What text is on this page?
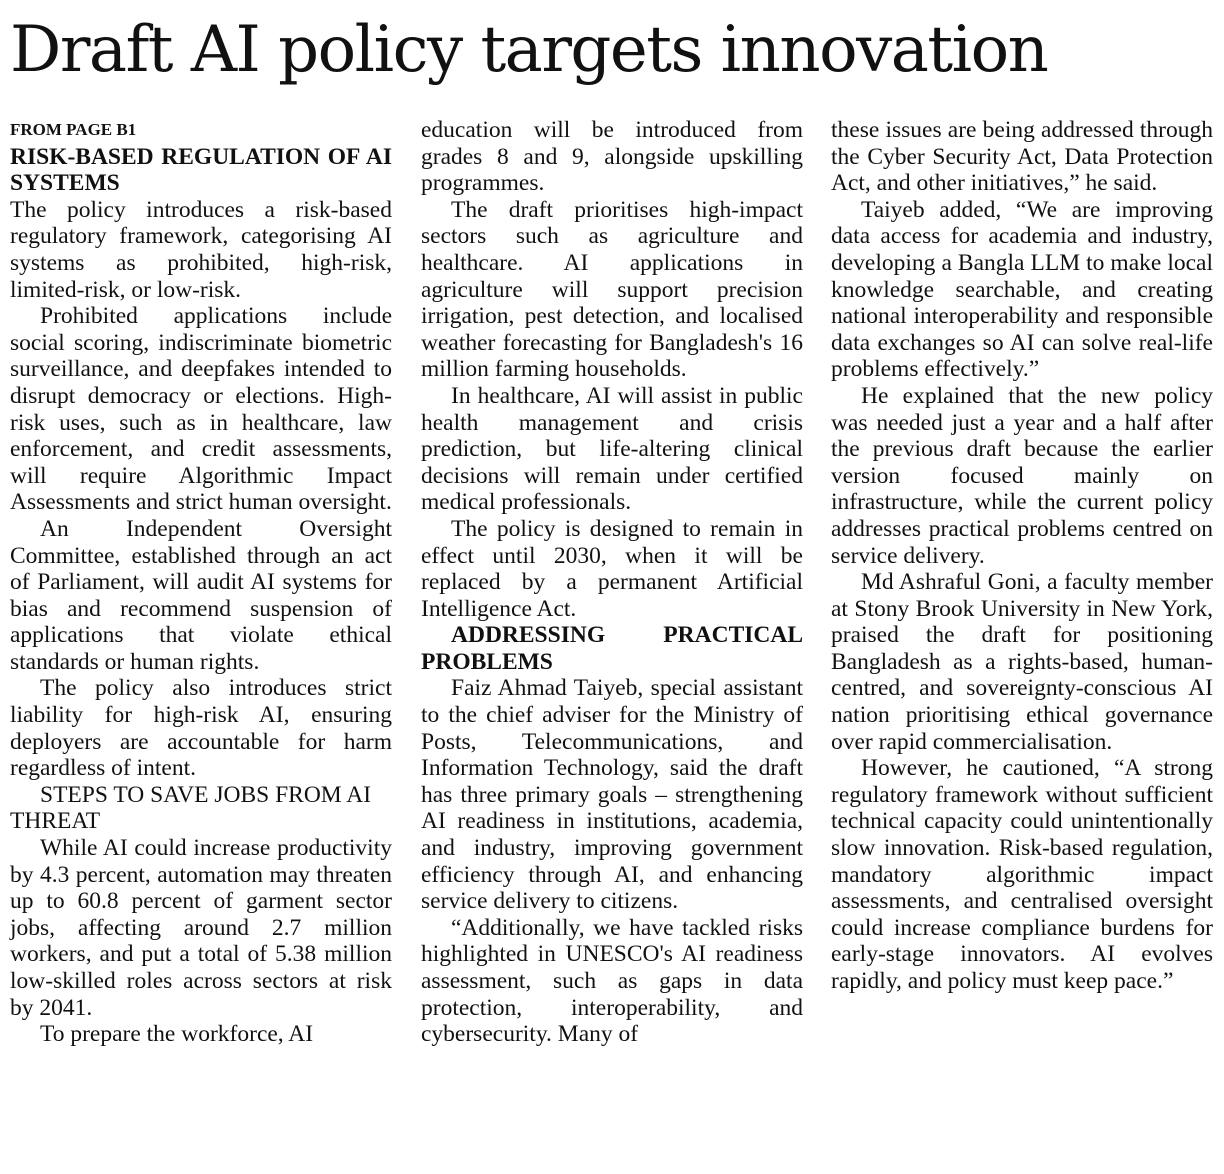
Draft AI policy targets innovation
FROM PAGE B1
RISK-BASED REGULATION OF AI SYSTEMS

The policy introduces a risk-based regulatory framework, categorising AI systems as prohibited, high-risk, limited-risk, or low-risk.

Prohibited applications include social scoring, indiscriminate biometric surveillance, and deepfakes intended to disrupt democracy or elections. High-risk uses, such as in healthcare, law enforcement, and credit assessments, will require Algorithmic Impact Assessments and strict human oversight.

An Independent Oversight Committee, established through an act of Parliament, will audit AI systems for bias and recommend suspension of applications that violate ethical standards or human rights.

The policy also introduces strict liability for high-risk AI, ensuring deployers are accountable for harm regardless of intent.

STEPS TO SAVE JOBS FROM AI THREAT

While AI could increase productivity by 4.3 percent, automation may threaten up to 60.8 percent of garment sector jobs, affecting around 2.7 million workers, and put a total of 5.38 million low-skilled roles across sectors at risk by 2041.

To prepare the workforce, AI

education will be introduced from grades 8 and 9, alongside upskilling programmes.

The draft prioritises high-impact sectors such as agriculture and healthcare. AI applications in agriculture will support precision irrigation, pest detection, and localised weather forecasting for Bangladesh's 16 million farming households.

In healthcare, AI will assist in public health management and crisis prediction, but life-altering clinical decisions will remain under certified medical professionals.

The policy is designed to remain in effect until 2030, when it will be replaced by a permanent Artificial Intelligence Act.

ADDRESSING PRACTICAL PROBLEMS

Faiz Ahmad Taiyeb, special assistant to the chief adviser for the Ministry of Posts, Telecommunications, and Information Technology, said the draft has three primary goals – strengthening AI readiness in institutions, academia, and industry, improving government efficiency through AI, and enhancing service delivery to citizens.

“Additionally, we have tackled risks highlighted in UNESCO's AI readiness assessment, such as gaps in data protection, interoperability, and cybersecurity. Many of

these issues are being addressed through the Cyber Security Act, Data Protection Act, and other initiatives,” he said.

Taiyeb added, “We are improving data access for academia and industry, developing a Bangla LLM to make local knowledge searchable, and creating national interoperability and responsible data exchanges so AI can solve real-life problems effectively.”

He explained that the new policy was needed just a year and a half after the previous draft because the earlier version focused mainly on infrastructure, while the current policy addresses practical problems centred on service delivery.

Md Ashraful Goni, a faculty member at Stony Brook University in New York, praised the draft for positioning Bangladesh as a rights-based, human-centred, and sovereignty-conscious AI nation prioritising ethical governance over rapid commercialisation.

However, he cautioned, “A strong regulatory framework without sufficient technical capacity could unintentionally slow innovation. Risk-based regulation, mandatory algorithmic impact assessments, and centralised oversight could increase compliance burdens for early-stage innovators. AI evolves rapidly, and policy must keep pace.”
